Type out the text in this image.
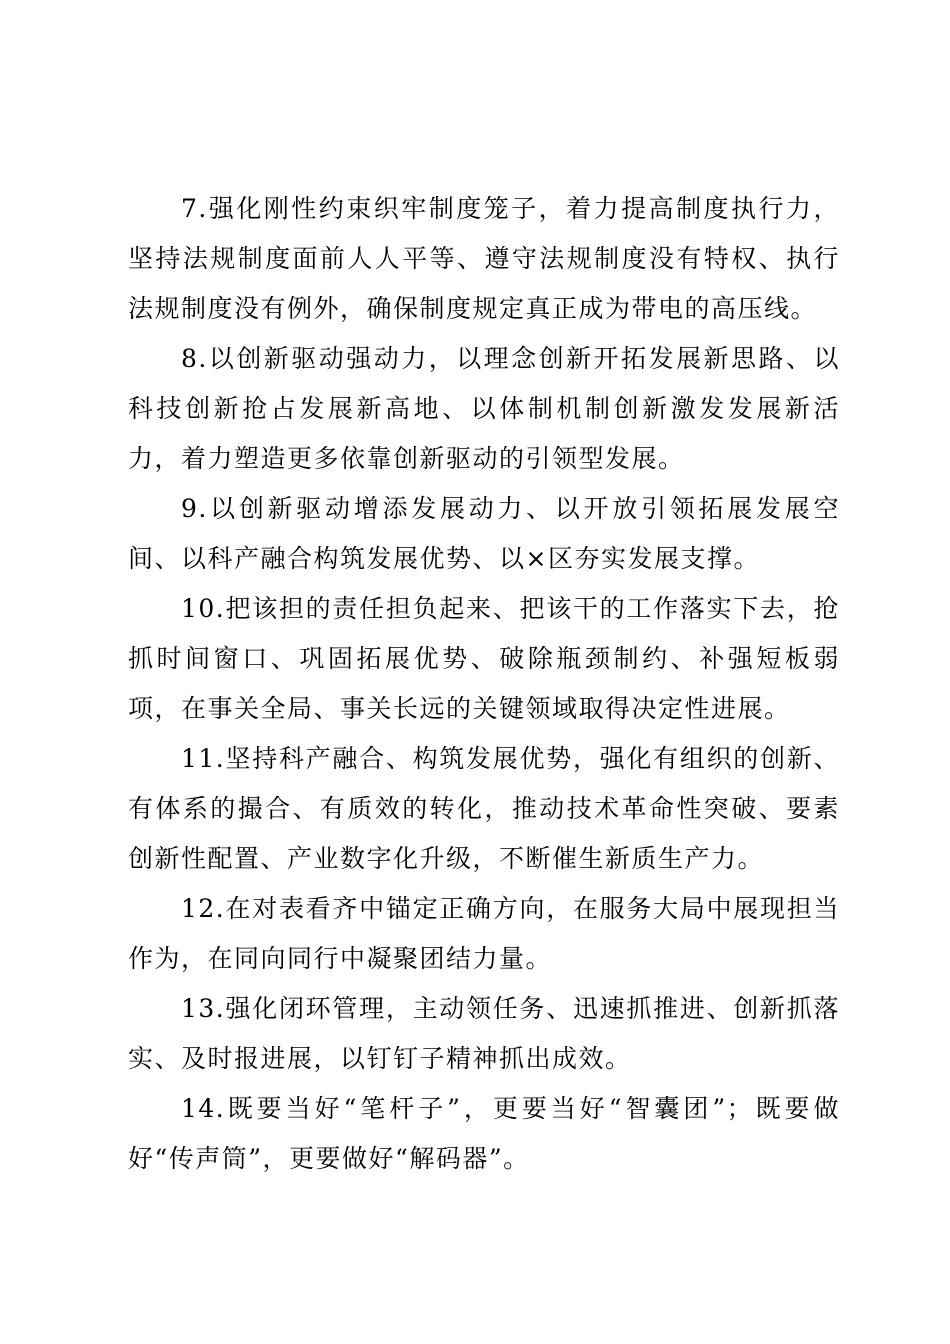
7.强化刚性约束织牢制度笼子，着力提高制度执行力，坚持法规制度面前人人平等、遵守法规制度没有特权、执行法规制度没有例外，确保制度规定真正成为带电的高压线。

8.以创新驱动强动力，以理念创新开拓发展新思路、以科技创新抢占发展新高地、以体制机制创新激发发展新活力，着力塑造更多依靠创新驱动的引领型发展。

9.以创新驱动增添发展动力、以开放引领拓展发展空间、以科产融合构筑发展优势、以×区夯实发展支撑。

10.把该担的责任担负起来、把该干的工作落实下去，抢抓时间窗口、巩固拓展优势、破除瓶颈制约、补强短板弱项，在事关全局、事关长远的关键领域取得决定性进展。

11.坚持科产融合、构筑发展优势，强化有组织的创新、有体系的撮合、有质效的转化，推动技术革命性突破、要素创新性配置、产业数字化升级，不断催生新质生产力。

12.在对表看齐中锚定正确方向，在服务大局中展现担当作为，在同向同行中凝聚团结力量。

13.强化闭环管理，主动领任务、迅速抓推进、创新抓落实、及时报进展，以钉钉子精神抓出成效。

14.既要当好“笔杆子”，更要当好“智囊团”；既要做好“传声筒”，更要做好“解码器”。
